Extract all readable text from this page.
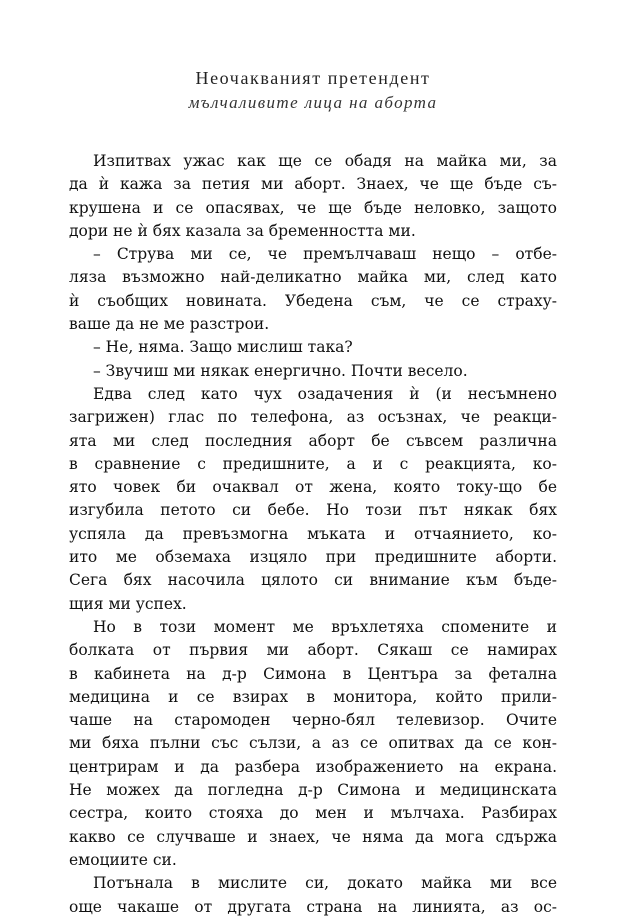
Неочакваният претендент
мълчаливите лица на аборта
Изпитвах ужас как ще се обадя на майка ми, за
да ѝ кажа за петия ми аборт. Знаех, че ще бъде съ-
крушена и се опасявах, че ще бъде неловко, защото
дори не ѝ бях казала за бременността ми.
– Струва ми се, че премълчаваш нещо – отбе-
ляза възможно най-деликатно майка ми, след като
ѝ съобщих новината. Убедена съм, че се страху-
ваше да не ме разстрои.
– Не, няма. Защо мислиш така?
– Звучиш ми някак енергично. Почти весело.
Едва след като чух озадачения ѝ (и несъмнено
загрижен) глас по телефона, аз осъзнах, че реакци-
ята ми след последния аборт бе съвсем различна
в сравнение с предишните, а и с реакцията, ко-
ято човек би очаквал от жена, която току-що бе
изгубила петото си бебе. Но този път някак бях
успяла да превъзмогна мъката и отчаянието, ко-
ито ме обземаха изцяло при предишните аборти.
Сега бях насочила цялото си внимание към бъде-
щия ми успех.
Но в този момент ме връхлетяха спомените и
болката от първия ми аборт. Сякаш се намирах
в кабинета на д-р Симона в Центъра за фетална
медицина и се взирах в монитора, който прили-
чаше на старомоден черно-бял телевизор. Очите
ми бяха пълни със сълзи, а аз се опитвах да се кон-
центрирам и да разбера изображението на екрана.
Не можех да погледна д-р Симона и медицинската
сестра, които стояха до мен и мълчаха. Разбирах
какво се случваше и знаех, че няма да мога сдържа
емоциите си.
Потънала в мислите си, докато майка ми все
още чакаше от другата страна на линията, аз ос-
